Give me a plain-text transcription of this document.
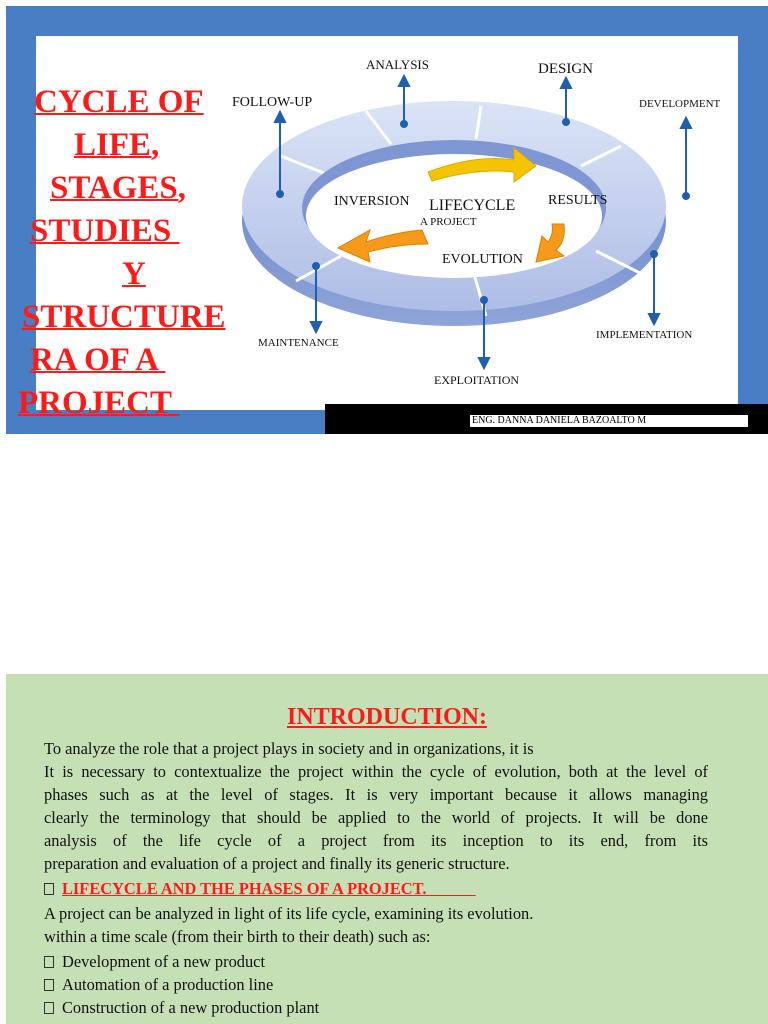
INVERSION LIFECYCLE
A PROJECT
RESULTS
EVOLUTION
ANALYSIS	DESIGN
DEVELOPMENT
IMPLEMENTATION
EXPLOITATION
MAINTENANCE
FOLLOW-UP
CYCLE OF
LIFE,
STAGES,
STUDIES
Y
STRUCTURE
RA OF A
PROJECT	ENG. DANNA DANIELA BAZOALTO M
INTRODUCTION:
To analyze the role that a project plays in society and in organizations, it is
It is necessary to contextualize the project within the cycle of evolution, both at the level of
phases such as at the level of stages. It is very important because it allows managing
clearly the terminology that should be applied to the world of projects. It will be done
analysis of the life cycle of a project from its inception to its end, from its
preparation and evaluation of a project and finally its generic structure.
LIFECYCLE AND THE PHASES OF A PROJECT.
A project can be analyzed in light of its life cycle, examining its evolution.
within a time scale (from their birth to their death) such as:
Development of a new product
Automation of a production line
Construction of a new production plant
